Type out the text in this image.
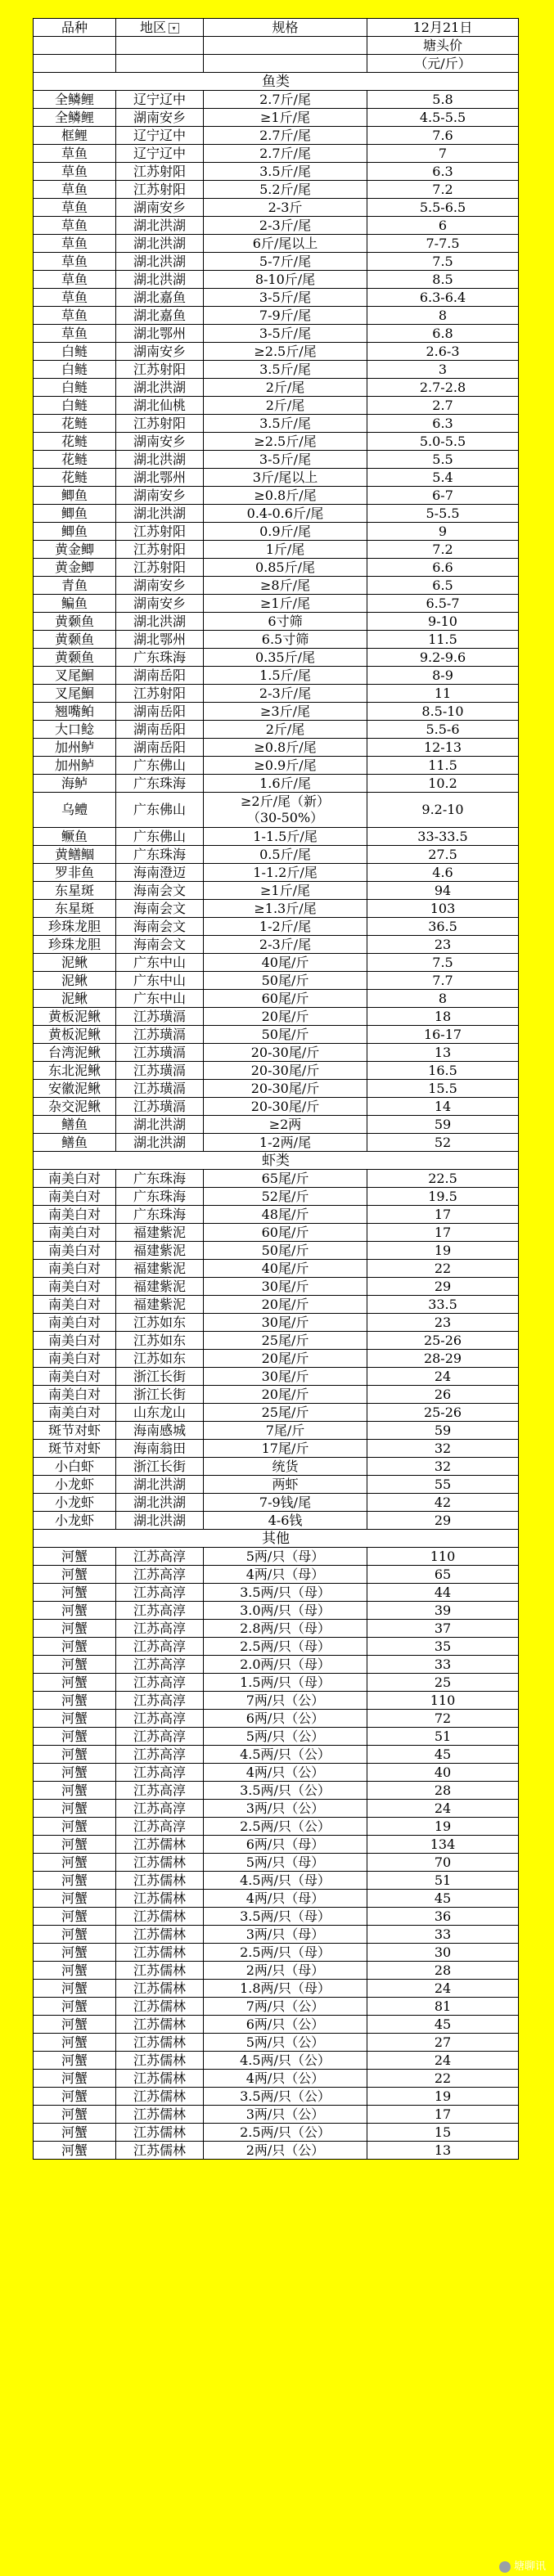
品种	地区 ▾	规格	12月21日
			塘头价
			（元/斤）
鱼类			
全鳞鲤	辽宁辽中	2.7斤/尾	5.8
全鳞鲤	湖南安乡	≥1斤/尾	4.5-5.5
框鲤	辽宁辽中	2.7斤/尾	7.6
草鱼	辽宁辽中	2.7斤/尾	7
草鱼	江苏射阳	3.5斤/尾	6.3
草鱼	江苏射阳	5.2斤/尾	7.2
草鱼	湖南安乡	2-3斤	5.5-6.5
草鱼	湖北洪湖	2-3斤/尾	6
草鱼	湖北洪湖	6斤/尾以上	7-7.5
草鱼	湖北洪湖	5-7斤/尾	7.5
草鱼	湖北洪湖	8-10斤/尾	8.5
草鱼	湖北嘉鱼	3-5斤/尾	6.3-6.4
草鱼	湖北嘉鱼	7-9斤/尾	8
草鱼	湖北鄂州	3-5斤/尾	6.8
白鲢	湖南安乡	≥2.5斤/尾	2.6-3
白鲢	江苏射阳	3.5斤/尾	3
白鲢	湖北洪湖	2斤/尾	2.7-2.8
白鲢	湖北仙桃	2斤/尾	2.7
花鲢	江苏射阳	3.5斤/尾	6.3
花鲢	湖南安乡	≥2.5斤/尾	5.0-5.5
花鲢	湖北洪湖	3-5斤/尾	5.5
花鲢	湖北鄂州	3斤/尾以上	5.4
鲫鱼	湖南安乡	≥0.8斤/尾	6-7
鲫鱼	湖北洪湖	0.4-0.6斤/尾	5-5.5
鲫鱼	江苏射阳	0.9斤/尾	9
黄金鲫	江苏射阳	1斤/尾	7.2
黄金鲫	江苏射阳	0.85斤/尾	6.6
青鱼	湖南安乡	≥8斤/尾	6.5
鳊鱼	湖南安乡	≥1斤/尾	6.5-7
黄颡鱼	湖北洪湖	6寸筛	9-10
黄颡鱼	湖北鄂州	6.5寸筛	11.5
黄颡鱼	广东珠海	0.35斤/尾	9.2-9.6
叉尾鮰	湖南岳阳	1.5斤/尾	8-9
叉尾鮰	江苏射阳	2-3斤/尾	11
翘嘴鲌	湖南岳阳	≥3斤/尾	8.5-10
大口鲶	湖南岳阳	2斤/尾	5.5-6
加州鲈	湖南岳阳	≥0.8斤/尾	12-13
加州鲈	广东佛山	≥0.9斤/尾	11.5
海鲈	广东珠海	1.6斤/尾	10.2
乌鳢	广东佛山	≥2斤/尾（新）
（30-50%）	9.2-10
鳜鱼	广东佛山	1-1.5斤/尾	33-33.5
黄鳝鲴	广东珠海	0.5斤/尾	27.5
罗非鱼	海南澄迈	1-1.2斤/尾	4.6
东星斑	海南会文	≥1斤/尾	94
东星斑	海南会文	≥1.3斤/尾	103
珍珠龙胆	海南会文	1-2斤/尾	36.5
珍珠龙胆	海南会文	2-3斤/尾	23
泥鳅	广东中山	40尾/斤	7.5
泥鳅	广东中山	50尾/斤	7.7
泥鳅	广东中山	60尾/斤	8
黄板泥鳅	江苏璜滆	20尾/斤	18
黄板泥鳅	江苏璜滆	50尾/斤	16-17
台湾泥鳅	江苏璜滆	20-30尾/斤	13
东北泥鳅	江苏璜滆	20-30尾/斤	16.5
安徽泥鳅	江苏璜滆	20-30尾/斤	15.5
杂交泥鳅	江苏璜滆	20-30尾/斤	14
鳝鱼	湖北洪湖	≥2两	59
鳝鱼	湖北洪湖	1-2两/尾	52
虾类			
南美白对	广东珠海	65尾/斤	22.5
南美白对	广东珠海	52尾/斤	19.5
南美白对	广东珠海	48尾/斤	17
南美白对	福建紫泥	60尾/斤	17
南美白对	福建紫泥	50尾/斤	19
南美白对	福建紫泥	40尾/斤	22
南美白对	福建紫泥	30尾/斤	29
南美白对	福建紫泥	20尾/斤	33.5
南美白对	江苏如东	30尾/斤	23
南美白对	江苏如东	25尾/斤	25-26
南美白对	江苏如东	20尾/斤	28-29
南美白对	浙江长街	30尾/斤	24
南美白对	浙江长街	20尾/斤	26
南美白对	山东龙山	25尾/斤	25-26
斑节对虾	海南感城	7尾/斤	59
斑节对虾	海南翁田	17尾/斤	32
小白虾	浙江长街	统货	32
小龙虾	湖北洪湖	两虾	55
小龙虾	湖北洪湖	7-9钱/尾	42
小龙虾	湖北洪湖	4-6钱	29
其他			
河蟹	江苏高淳	5两/只（母）	110
河蟹	江苏高淳	4两/只（母）	65
河蟹	江苏高淳	3.5两/只（母）	44
河蟹	江苏高淳	3.0两/只（母）	39
河蟹	江苏高淳	2.8两/只（母）	37
河蟹	江苏高淳	2.5两/只（母）	35
河蟹	江苏高淳	2.0两/只（母）	33
河蟹	江苏高淳	1.5两/只（母）	25
河蟹	江苏高淳	7两/只（公）	110
河蟹	江苏高淳	6两/只（公）	72
河蟹	江苏高淳	5两/只（公）	51
河蟹	江苏高淳	4.5两/只（公）	45
河蟹	江苏高淳	4两/只（公）	40
河蟹	江苏高淳	3.5两/只（公）	28
河蟹	江苏高淳	3两/只（公）	24
河蟹	江苏高淳	2.5两/只（公）	19
河蟹	江苏儒林	6两/只（母）	134
河蟹	江苏儒林	5两/只（母）	70
河蟹	江苏儒林	4.5两/只（母）	51
河蟹	江苏儒林	4两/只（母）	45
河蟹	江苏儒林	3.5两/只（母）	36
河蟹	江苏儒林	3两/只（母）	33
河蟹	江苏儒林	2.5两/只（母）	30
河蟹	江苏儒林	2两/只（母）	28
河蟹	江苏儒林	1.8两/只（母）	24
河蟹	江苏儒林	7两/只（公）	81
河蟹	江苏儒林	6两/只（公）	45
河蟹	江苏儒林	5两/只（公）	27
河蟹	江苏儒林	4.5两/只（公）	24
河蟹	江苏儒林	4两/只（公）	22
河蟹	江苏儒林	3.5两/只（公）	19
河蟹	江苏儒林	3两/只（公）	17
河蟹	江苏儒林	2.5两/只（公）	15
河蟹	江苏儒林	2两/只（公）	13
塘聊讯
